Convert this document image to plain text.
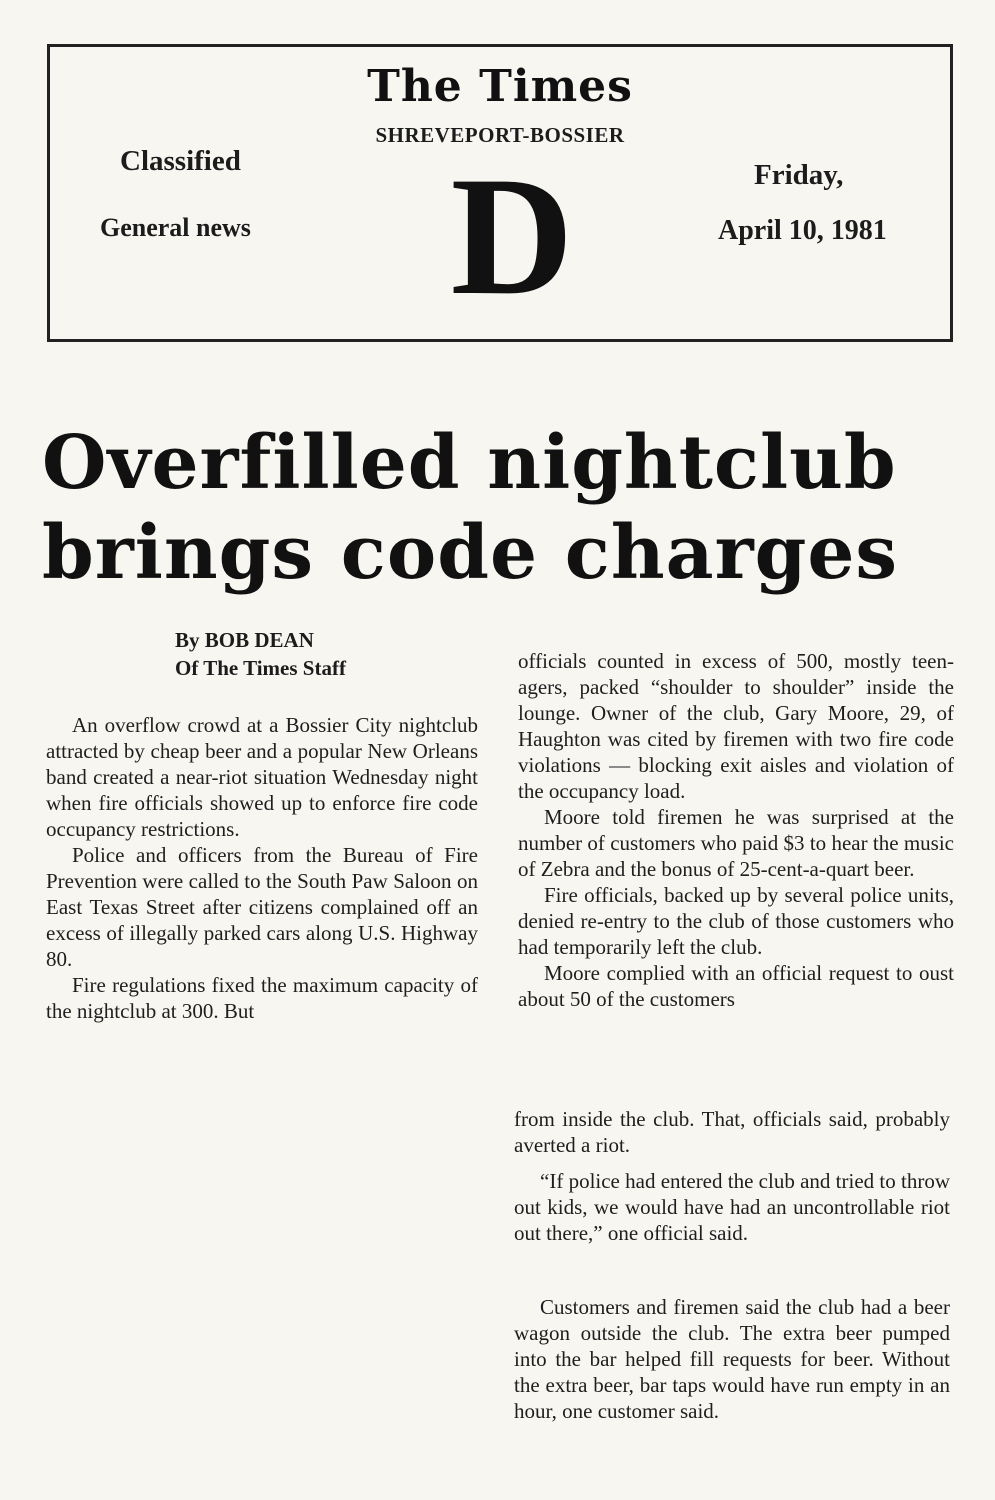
The Times
SHREVEPORT-BOSSIER
Classified
General news D	Friday,
April 10, 1981
Overfilled nightclub
brings code charges
By BOB DEAN
Of The Times Staff

An overflow crowd at a Bossier City nightclub attracted by cheap beer and a popular New Orleans band created a near-riot situation Wednesday night when fire officials showed up to enforce fire code occupancy restrictions.

Police and officers from the Bureau of Fire Prevention were called to the South Paw Saloon on East Texas Street after citizens complained off an excess of illegally parked cars along U.S. Highway 80.

Fire regulations fixed the maximum capacity of the nightclub at 300. But

officials counted in excess of 500, mostly teen-agers, packed “shoulder to shoulder” inside the lounge. Owner of the club, Gary Moore, 29, of Haughton was cited by firemen with two fire code violations — blocking exit aisles and violation of the occupancy load.

Moore told firemen he was surprised at the number of customers who paid $3 to hear the music of Zebra and the bonus of 25-cent-a-quart beer.

Fire officials, backed up by several police units, denied re-entry to the club of those customers who had temporarily left the club.

Moore complied with an official request to oust about 50 of the customers

from inside the club. That, officials said, probably averted a riot.

“If police had entered the club and tried to throw out kids, we would have had an uncontrollable riot out there,” one official said.

Customers and firemen said the club had a beer wagon outside the club. The extra beer pumped into the bar helped fill requests for beer. Without the extra beer, bar taps would have run empty in an hour, one customer said.
